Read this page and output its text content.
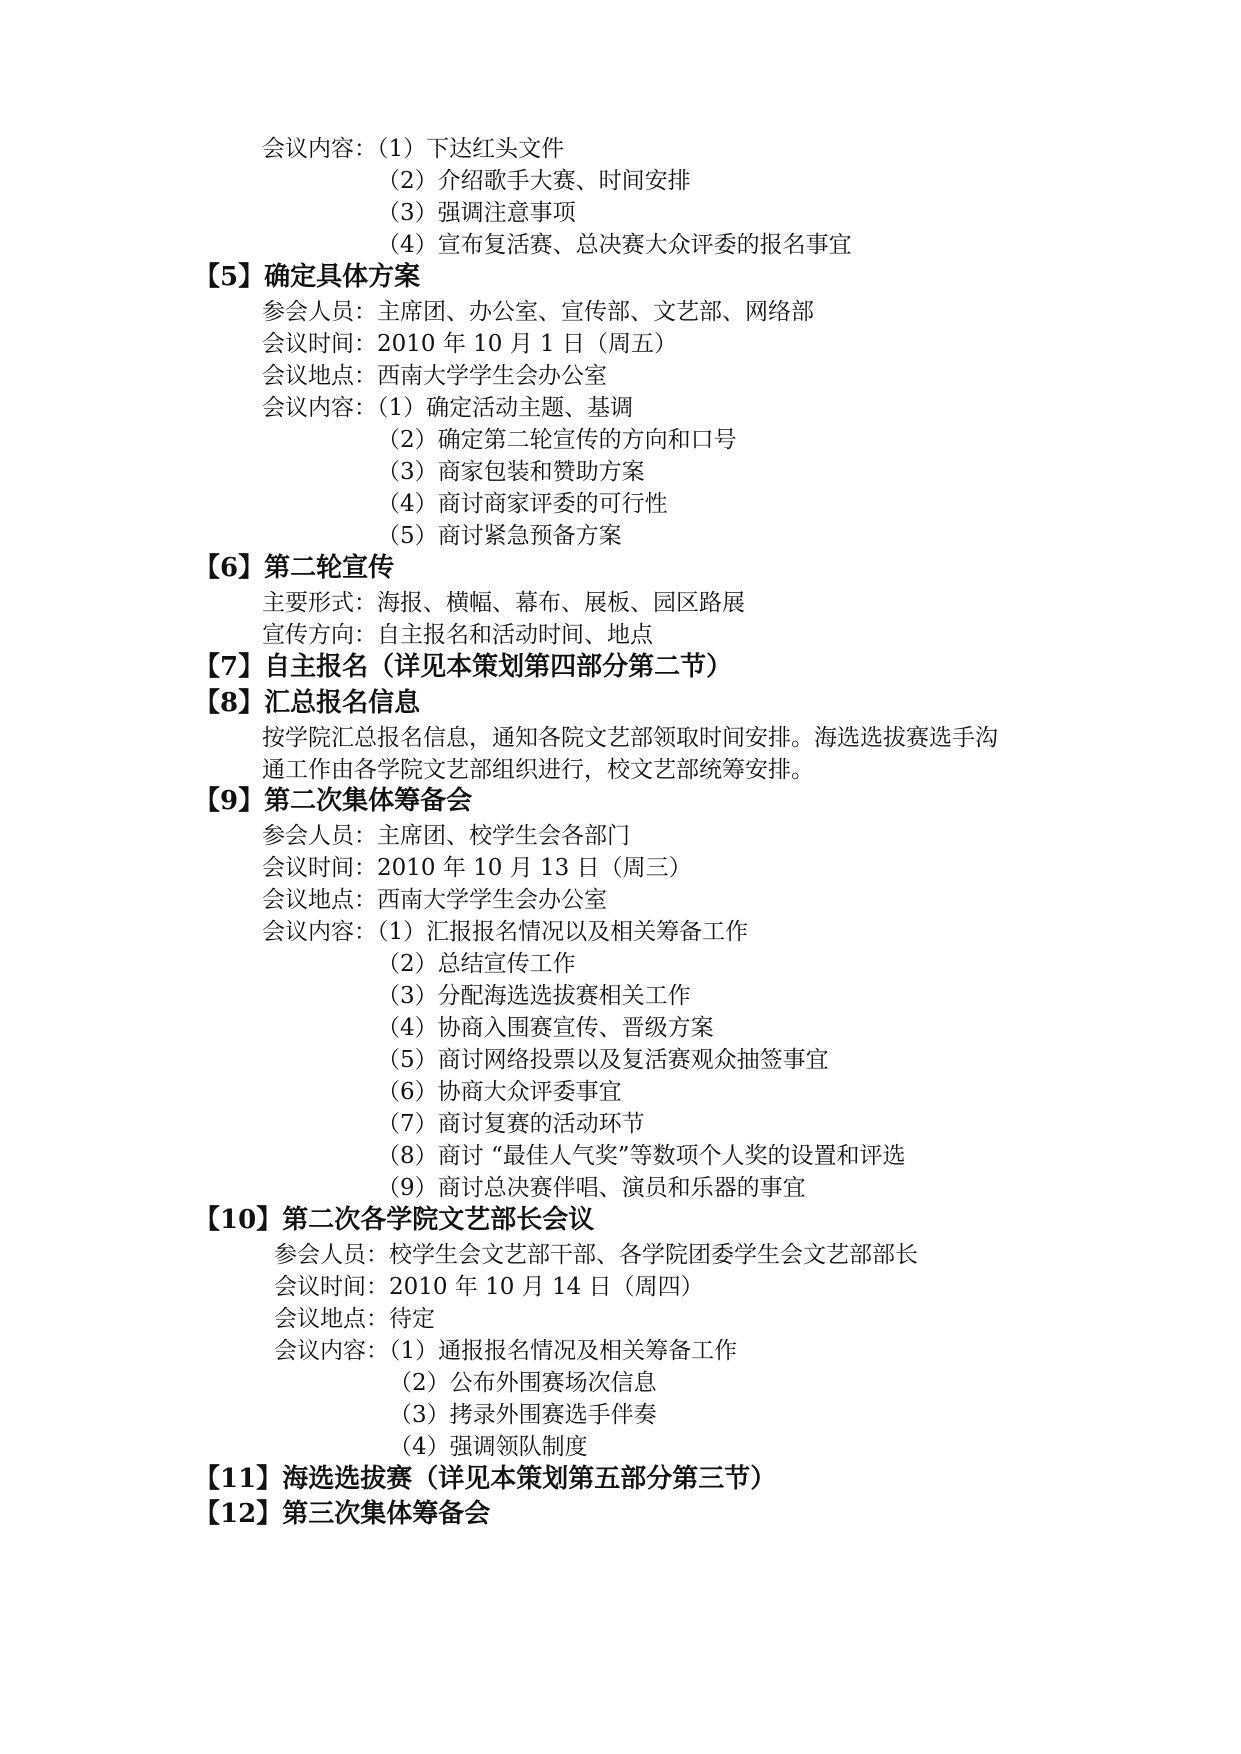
会议内容：（1）下达红头文件
（2）介绍歌手大赛、时间安排
（3）强调注意事项
（4）宣布复活赛、总决赛大众评委的报名事宜
【5】确定具体方案
参会人员：主席团、办公室、宣传部、文艺部、网络部
会议时间：2010 年 10 月 1 日（周五）
会议地点：西南大学学生会办公室
会议内容：（1）确定活动主题、基调
（2）确定第二轮宣传的方向和口号
（3）商家包装和赞助方案
（4）商讨商家评委的可行性
（5）商讨紧急预备方案
【6】第二轮宣传
主要形式：海报、横幅、幕布、展板、园区路展
宣传方向：自主报名和活动时间、地点
【7】自主报名（详见本策划第四部分第二节）
【8】汇总报名信息
按学院汇总报名信息，通知各院文艺部领取时间安排。海选选拔赛选手沟
通工作由各学院文艺部组织进行，校文艺部统筹安排。
【9】第二次集体筹备会
参会人员：主席团、校学生会各部门
会议时间：2010 年 10 月 13 日（周三）
会议地点：西南大学学生会办公室
会议内容：（1）汇报报名情况以及相关筹备工作
（2）总结宣传工作
（3）分配海选选拔赛相关工作
（4）协商入围赛宣传、晋级方案
（5）商讨网络投票以及复活赛观众抽签事宜
（6）协商大众评委事宜
（7）商讨复赛的活动环节
（8）商讨 “最佳人气奖”等数项个人奖的设置和评选
（9）商讨总决赛伴唱、演员和乐器的事宜
【10】第二次各学院文艺部长会议
参会人员：校学生会文艺部干部、各学院团委学生会文艺部部长
会议时间：2010 年 10 月 14 日（周四）
会议地点：待定
会议内容：（1）通报报名情况及相关筹备工作
（2）公布外围赛场次信息
（3）拷录外围赛选手伴奏
（4）强调领队制度
【11】海选选拔赛（详见本策划第五部分第三节）
【12】第三次集体筹备会
